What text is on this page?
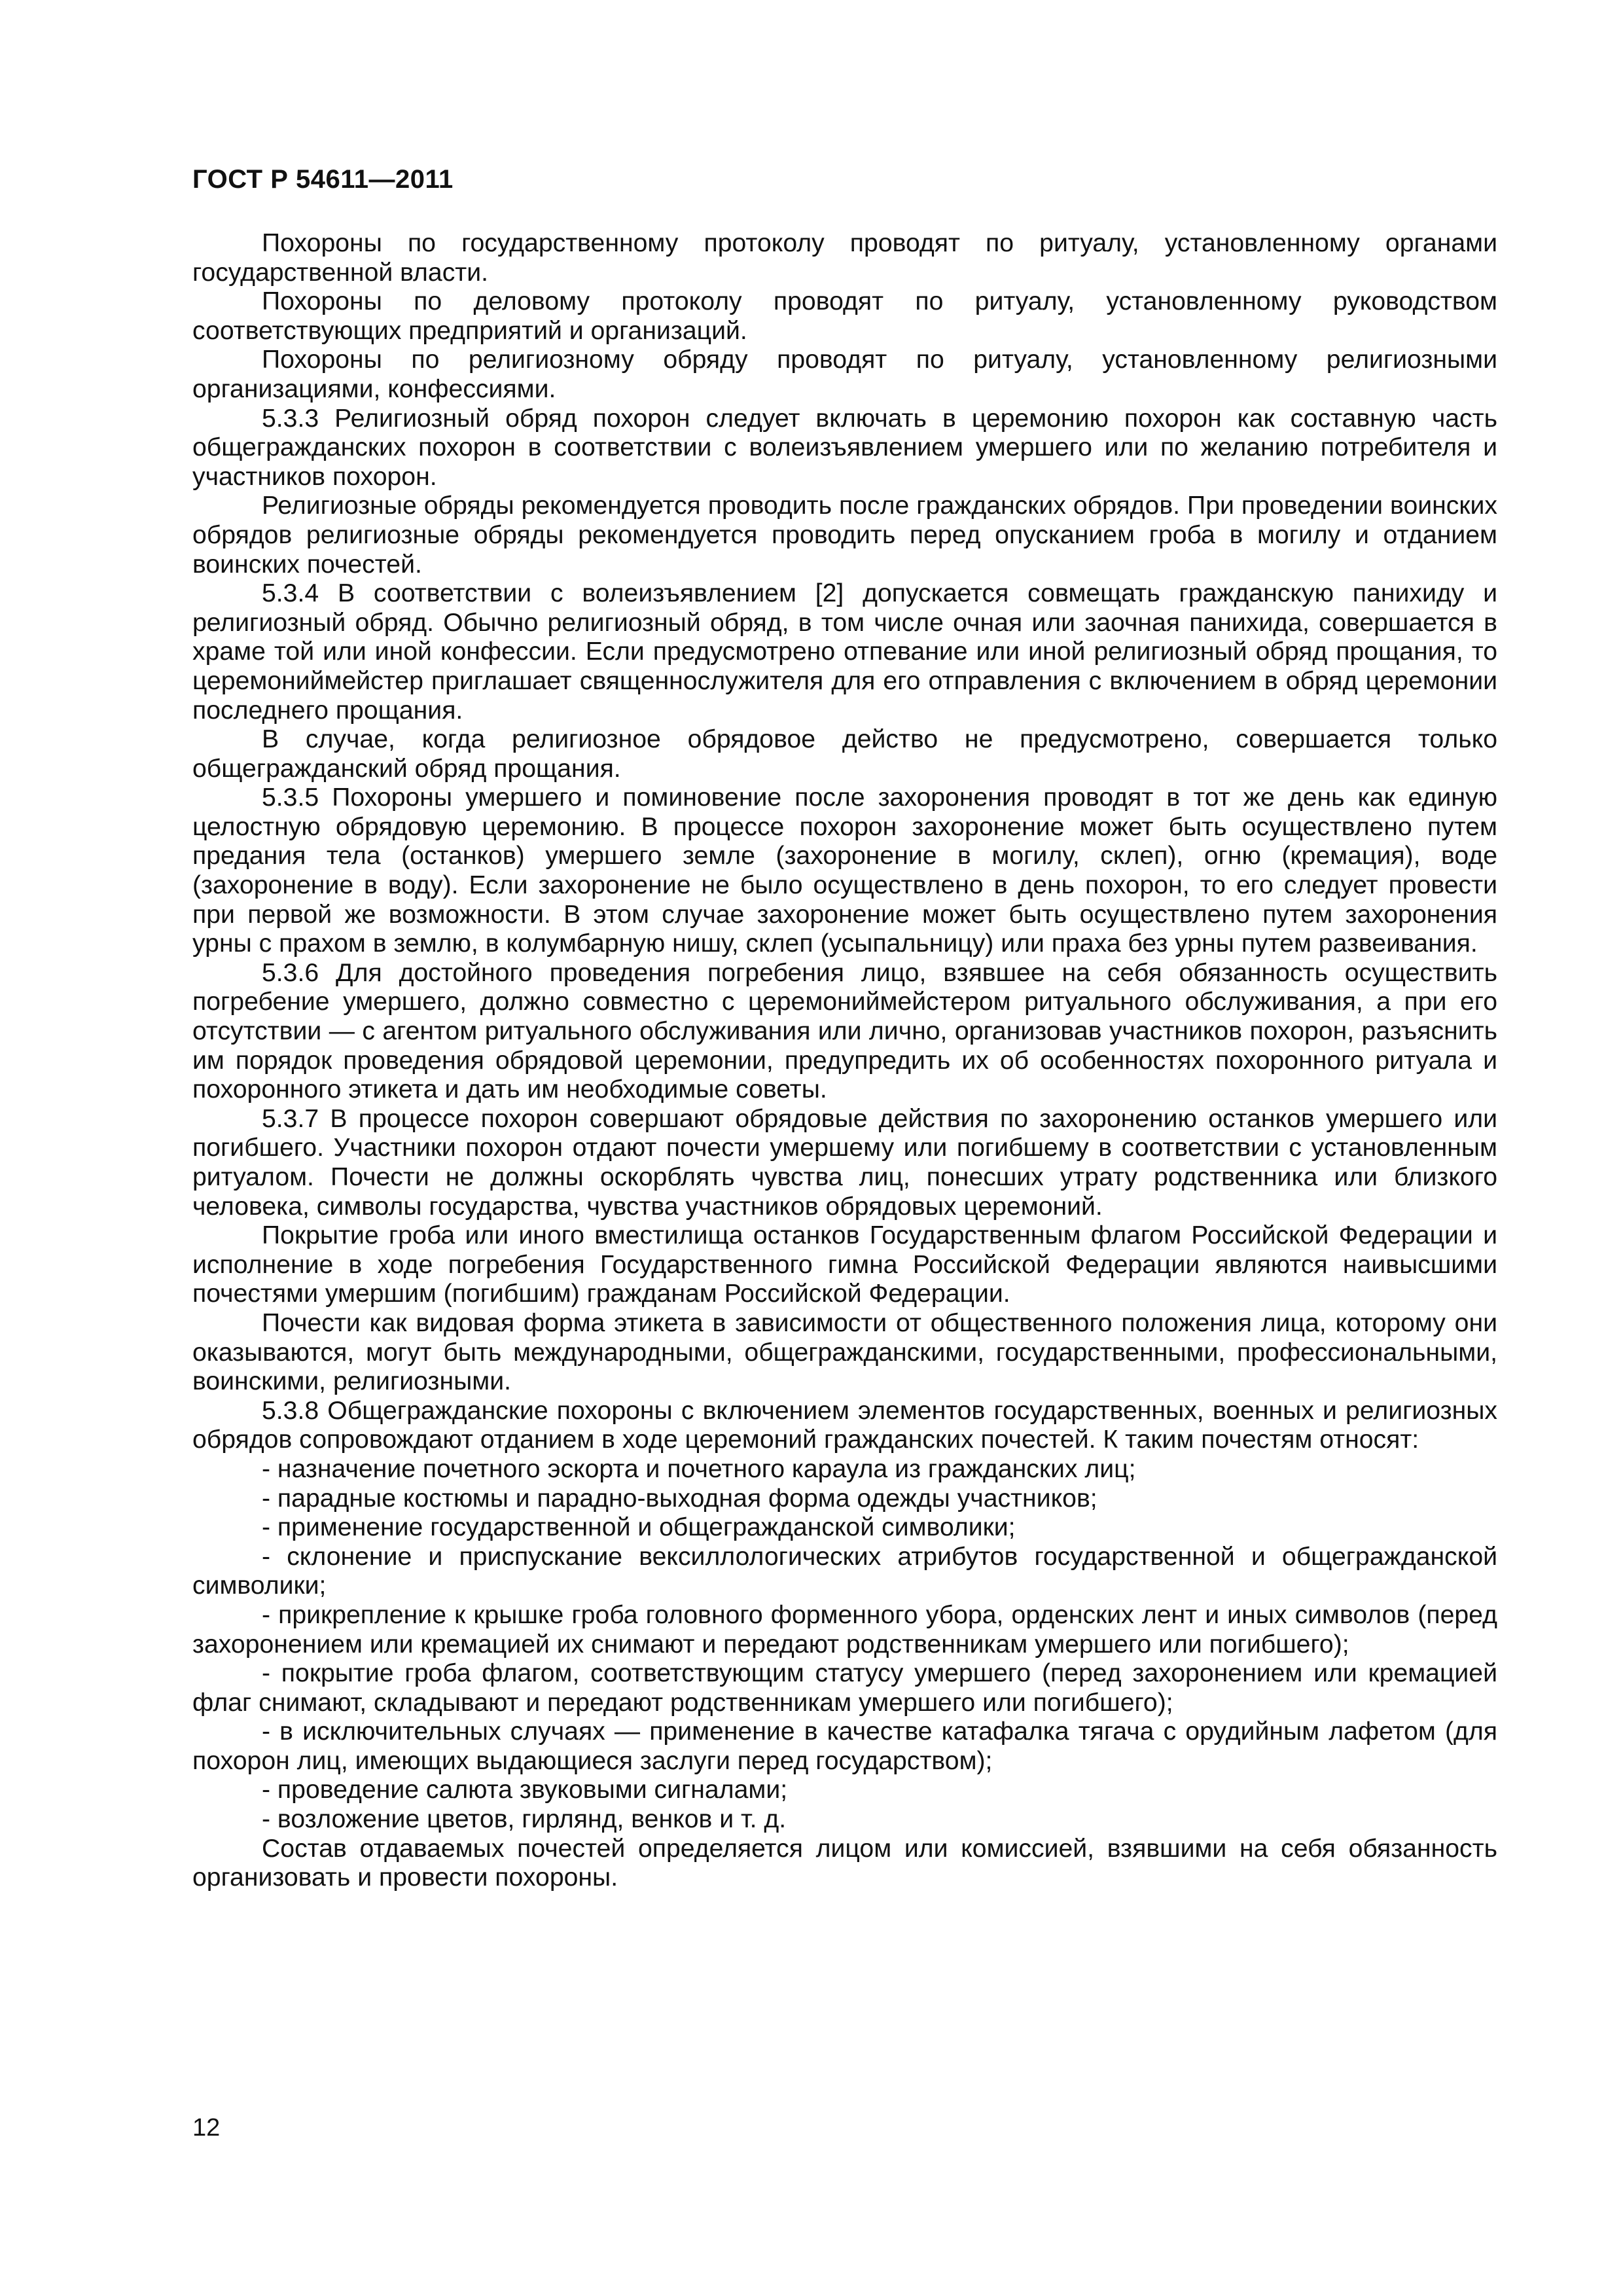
ГОСТ Р 54611—2011

Похороны по государственному протоколу проводят по ритуалу, установленному органами государственной власти.

Похороны по деловому протоколу проводят по ритуалу, установленному руководством соответствующих предприятий и организаций.

Похороны по религиозному обряду проводят по ритуалу, установленному религиозными организациями, конфессиями.

5.3.3 Религиозный обряд похорон следует включать в церемонию похорон как составную часть общегражданских похорон в соответствии с волеизъявлением умершего или по желанию потребителя и участников похорон.

Религиозные обряды рекомендуется проводить после гражданских обрядов. При проведении воинских обрядов религиозные обряды рекомендуется проводить перед опусканием гроба в могилу и отданием воинских почестей.

5.3.4 В соответствии с волеизъявлением [2] допускается совмещать гражданскую панихиду и религиозный обряд. Обычно религиозный обряд, в том числе очная или заочная панихида, совершается в храме той или иной конфессии. Если предусмотрено отпевание или иной религиозный обряд прощания, то церемониймейстер приглашает священнослужителя для его отправления с включением в обряд церемонии последнего прощания.

В случае, когда религиозное обрядовое действо не предусмотрено, совершается только общегражданский обряд прощания.

5.3.5 Похороны умершего и поминовение после захоронения проводят в тот же день как единую целостную обрядовую церемонию. В процессе похорон захоронение может быть осуществлено путем предания тела (останков) умершего земле (захоронение в могилу, склеп), огню (кремация), воде (захоронение в воду). Если захоронение не было осуществлено в день похорон, то его следует провести при первой же возможности. В этом случае захоронение может быть осуществлено путем захоронения урны с прахом в землю, в колумбарную нишу, склеп (усыпальницу) или праха без урны путем развеивания.

5.3.6 Для достойного проведения погребения лицо, взявшее на себя обязанность осуществить погребение умершего, должно совместно с церемониймейстером ритуального обслуживания, а при его отсутствии — с агентом ритуального обслуживания или лично, организовав участников похорон, разъяснить им порядок проведения обрядовой церемонии, предупредить их об особенностях похоронного ритуала и похоронного этикета и дать им необходимые советы.

5.3.7 В процессе похорон совершают обрядовые действия по захоронению останков умершего или погибшего. Участники похорон отдают почести умершему или погибшему в соответствии с установленным ритуалом. Почести не должны оскорблять чувства лиц, понесших утрату родственника или близкого человека, символы государства, чувства участников обрядовых церемоний.

Покрытие гроба или иного вместилища останков Государственным флагом Российской Федерации и исполнение в ходе погребения Государственного гимна Российской Федерации являются наивысшими почестями умершим (погибшим) гражданам Российской Федерации.

Почести как видовая форма этикета в зависимости от общественного положения лица, которому они оказываются, могут быть международными, общегражданскими, государственными, профессиональными, воинскими, религиозными.

5.3.8 Общегражданские похороны с включением элементов государственных, военных и религиозных обрядов сопровождают отданием в ходе церемоний гражданских почестей. К таким почестям относят:

- назначение почетного эскорта и почетного караула из гражданских лиц;

- парадные костюмы и парадно-выходная форма одежды участников;

- применение государственной и общегражданской символики;

- склонение и приспускание вексиллологических атрибутов государственной и общегражданской символики;

- прикрепление к крышке гроба головного форменного убора, орденских лент и иных символов (перед захоронением или кремацией их снимают и передают родственникам умершего или погибшего);

- покрытие гроба флагом, соответствующим статусу умершего (перед захоронением или кремацией флаг снимают, складывают и передают родственникам умершего или погибшего);

- в исключительных случаях — применение в качестве катафалка тягача с орудийным лафетом (для похорон лиц, имеющих выдающиеся заслуги перед государством);

- проведение салюта звуковыми сигналами;

- возложение цветов, гирлянд, венков и т. д.

Состав отдаваемых почестей определяется лицом или комиссией, взявшими на себя обязанность организовать и провести похороны.

12
